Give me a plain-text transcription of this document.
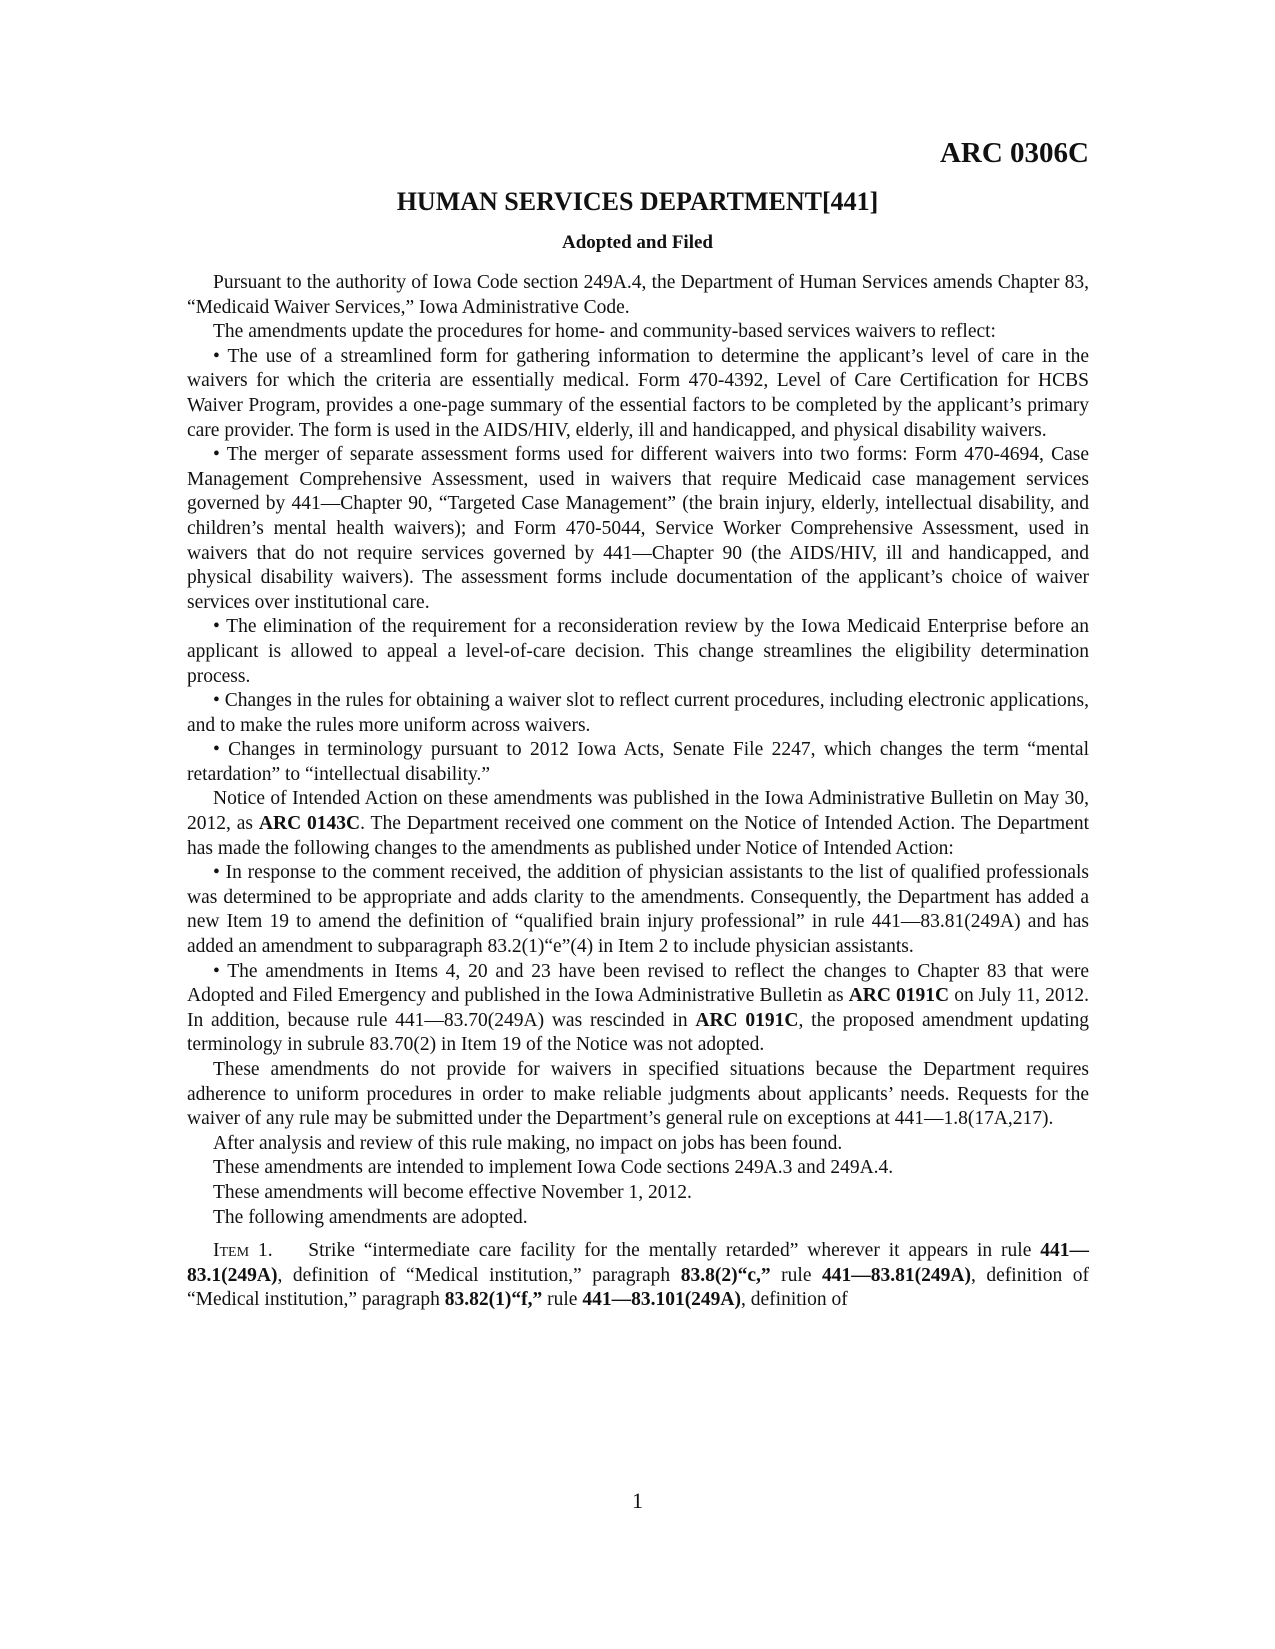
ARC 0306C
HUMAN SERVICES DEPARTMENT[441]
Adopted and Filed

Pursuant to the authority of Iowa Code section 249A.4, the Department of Human Services amends Chapter 83, “Medicaid Waiver Services,” Iowa Administrative Code.

The amendments update the procedures for home- and community-based services waivers to reflect:

• The use of a streamlined form for gathering information to determine the applicant’s level of care in the waivers for which the criteria are essentially medical. Form 470-4392, Level of Care Certification for HCBS Waiver Program, provides a one-page summary of the essential factors to be completed by the applicant’s primary care provider. The form is used in the AIDS/HIV, elderly, ill and handicapped, and physical disability waivers.

• The merger of separate assessment forms used for different waivers into two forms: Form 470-4694, Case Management Comprehensive Assessment, used in waivers that require Medicaid case management services governed by 441—Chapter 90, “Targeted Case Management” (the brain injury, elderly, intellectual disability, and children’s mental health waivers); and Form 470-5044, Service Worker Comprehensive Assessment, used in waivers that do not require services governed by 441—Chapter 90 (the AIDS/HIV, ill and handicapped, and physical disability waivers). The assessment forms include documentation of the applicant’s choice of waiver services over institutional care.

• The elimination of the requirement for a reconsideration review by the Iowa Medicaid Enterprise before an applicant is allowed to appeal a level-of-care decision. This change streamlines the eligibility determination process.

• Changes in the rules for obtaining a waiver slot to reflect current procedures, including electronic applications, and to make the rules more uniform across waivers.

• Changes in terminology pursuant to 2012 Iowa Acts, Senate File 2247, which changes the term “mental retardation” to “intellectual disability.”

Notice of Intended Action on these amendments was published in the Iowa Administrative Bulletin on May 30, 2012, as ARC 0143C. The Department received one comment on the Notice of Intended Action. The Department has made the following changes to the amendments as published under Notice of Intended Action:

• In response to the comment received, the addition of physician assistants to the list of qualified professionals was determined to be appropriate and adds clarity to the amendments. Consequently, the Department has added a new Item 19 to amend the definition of “qualified brain injury professional” in rule 441—83.81(249A) and has added an amendment to subparagraph 83.2(1)“e”(4) in Item 2 to include physician assistants.

• The amendments in Items 4, 20 and 23 have been revised to reflect the changes to Chapter 83 that were Adopted and Filed Emergency and published in the Iowa Administrative Bulletin as ARC 0191C on July 11, 2012. In addition, because rule 441—83.70(249A) was rescinded in ARC 0191C, the proposed amendment updating terminology in subrule 83.70(2) in Item 19 of the Notice was not adopted.

These amendments do not provide for waivers in specified situations because the Department requires adherence to uniform procedures in order to make reliable judgments about applicants’ needs. Requests for the waiver of any rule may be submitted under the Department’s general rule on exceptions at 441—1.8(17A,217).

After analysis and review of this rule making, no impact on jobs has been found.

These amendments are intended to implement Iowa Code sections 249A.3 and 249A.4.

These amendments will become effective November 1, 2012.

The following amendments are adopted.

Item 1. Strike “intermediate care facility for the mentally retarded” wherever it appears in rule 441—83.1(249A), definition of “Medical institution,” paragraph 83.8(2)“c,” rule 441—83.81(249A), definition of “Medical institution,” paragraph 83.82(1)“f,” rule 441—83.101(249A), definition of

1
